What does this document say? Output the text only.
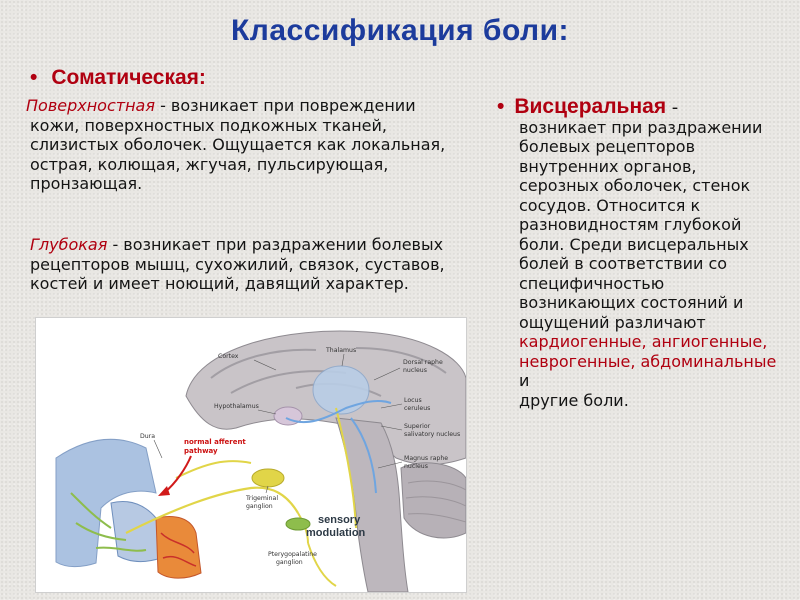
Классификация боли:
• Соматическая:
Поверхностная - возникает при повреждении кожи, поверхностных подкожных тканей, слизистых оболочек. Ощущается как локальная, острая, колющая, жгучая, пульсирующая, пронзающая.
Глубокая - возникает при раздражении болевых рецепторов мышц, сухожилий, связок, суставов, костей и имеет ноющий, давящий характер.
• Висцеральная -
возникает при раздражении болевых рецепторов внутренних органов, серозных оболочек, стенок сосудов. Относится к разновидностям глубокой боли. Среди висцеральных болей в соответствии со специфичностью возникающих состояний и ощущений различают кардиогенные, ангиогенные, неврогенные, абдоминальные и
другие боли.
Cortex
Thalamus
Hypothalamus
Dorsal raphe
nucleus
Locus
ceruleus
Superior
salivatory nucleus
Magnus raphe
nucleus
Dura
normal afferent
pathway
Trigeminal
ganglion
sensory
modulation
Pterygopalatine
ganglion
